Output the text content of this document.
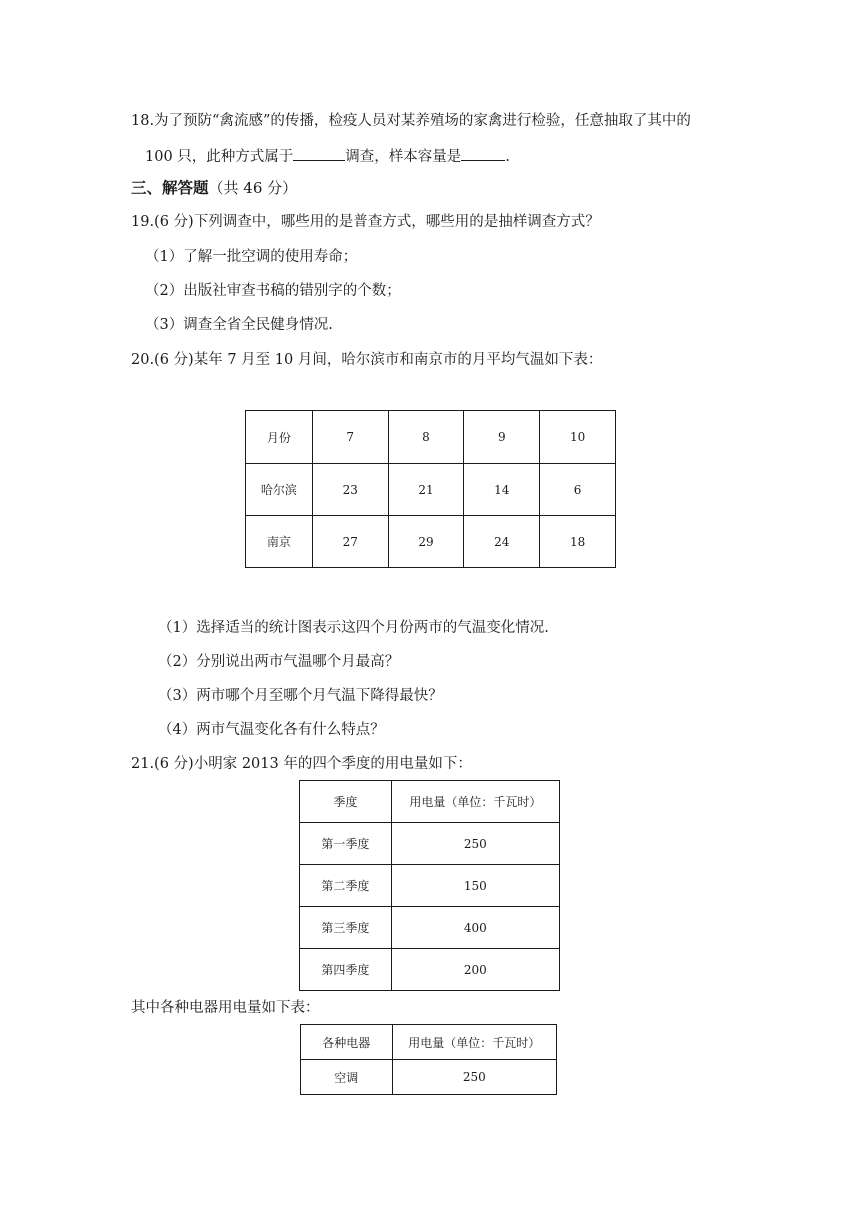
18.为了预防“禽流感”的传播，检疫人员对某养殖场的家禽进行检验，任意抽取了其中的
100 只，此种方式属于	调查，样本容量是	.
三、解答题（共 46 分）
19.(6 分)下列调查中，哪些用的是普查方式，哪些用的是抽样调查方式？
（1）了解一批空调的使用寿命；
（2）出版社审查书稿的错别字的个数；
（3）调查全省全民健身情况.
20.(6 分)某年 7 月至 10 月间，哈尔滨市和南京市的月平均气温如下表：
月份	7	8	9	10
哈尔滨	23	21	14	6
南京	27	29	24	18
（1）选择适当的统计图表示这四个月份两市的气温变化情况.
（2）分别说出两市气温哪个月最高？
（3）两市哪个月至哪个月气温下降得最快？
（4）两市气温变化各有什么特点？
21.(6 分)小明家 2013 年的四个季度的用电量如下：
季度	用电量（单位：千瓦时）
第一季度	250
第二季度	150
第三季度	400
第四季度	200
其中各种电器用电量如下表：
各种电器	用电量（单位：千瓦时）
空调	250
